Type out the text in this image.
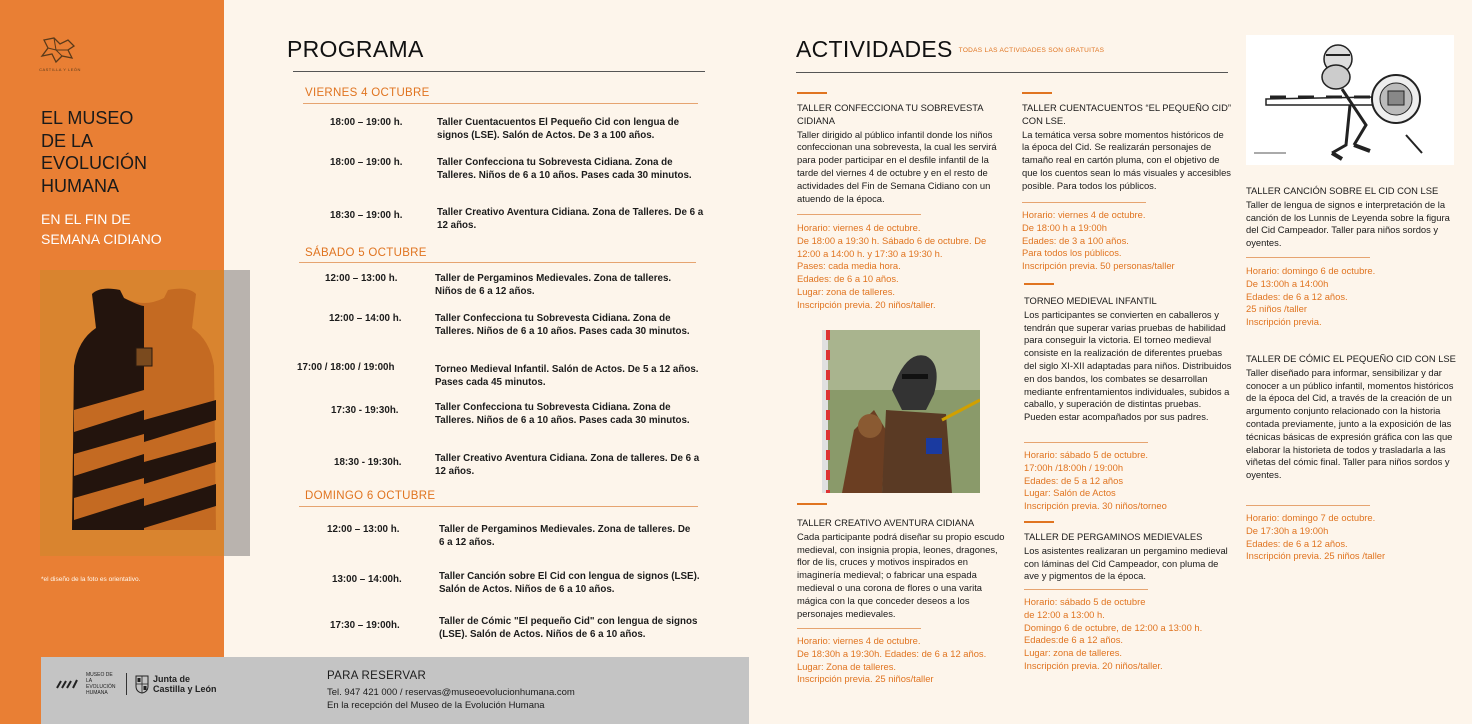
CASTILLA Y LEÓN
EL MUSEO
DE LA
EVOLUCIÓN
HUMANA
EN EL FIN DE
SEMANA CIDIANO
*el diseño de la foto es orientativo.
MUSEO DE LA EVOLUCIÓN HUMANA
Junta de
Castilla y León
PARA RESERVAR
Tel. 947 421 000 / reservas@museoevolucionhumana.com
En la recepción del Museo de la Evolución Humana
PROGRAMA
VIERNES 4 OCTUBRE
18:00 – 19:00 h.	Taller Cuentacuentos El Pequeño Cid con lengua de signos (LSE). Salón de Actos. De 3 a 100 años.
18:00 – 19:00 h.	Taller Confecciona tu Sobrevesta Cidiana. Zona de Talleres. Niños de 6 a 10 años. Pases cada 30 minutos.
18:30 – 19:00 h.	Taller Creativo Aventura Cidiana. Zona de Talleres. De 6 a 12 años.
SÁBADO 5 OCTUBRE
12:00 – 13:00 h.	Taller de Pergaminos Medievales. Zona de talleres. Niños de 6 a 12 años.
12:00 – 14:00 h.	Taller Confecciona tu Sobrevesta Cidiana. Zona de Talleres. Niños de 6 a 10 años. Pases cada 30 minutos.
17:00 / 18:00 / 19:00h	Torneo Medieval Infantil. Salón de Actos. De 5 a 12 años. Pases cada 45 minutos.
17:30 - 19:30h.	Taller Confecciona tu Sobrevesta Cidiana. Zona de Talleres. Niños de 6 a 10 años. Pases cada 30 minutos.
18:30 - 19:30h.	Taller Creativo Aventura Cidiana. Zona de talleres. De 6 a 12 años.
DOMINGO 6 OCTUBRE
12:00 – 13:00 h.	Taller de Pergaminos Medievales. Zona de talleres. De 6 a 12 años.
13:00 – 14:00h.	Taller Canción sobre El Cid con lengua de signos (LSE). Salón de Actos. Niños de 6 a 10 años.
17:30 – 19:00h.	Taller de Cómic "El pequeño Cid" con lengua de signos (LSE). Salón de Actos. Niños de 6 a 10 años.
ACTIVIDADES TODAS LAS ACTIVIDADES SON GRATUITAS
TALLER CONFECCIONA TU SOBREVESTA CIDIANA
Taller dirigido al público infantil donde los niños confeccionan una sobrevesta, la cual les servirá para poder participar en el desfile infantil de la tarde del viernes 4 de octubre y en el resto de actividades del Fin de Semana Cidiano con un atuendo de la época.
Horario: viernes 4 de octubre.
De 18:00 a 19:30 h. Sábado 6 de octubre. De 12:00 a 14:00 h. y 17:30 a 19:30 h.
Pases: cada media hora.
Edades: de 6 a 10 años.
Lugar: zona de talleres.
Inscripción previa. 20 niños/taller.
TALLER CREATIVO AVENTURA CIDIANA
Cada participante podrá diseñar su propio escudo medieval, con insignia propia, leones, dragones, flor de lis, cruces y motivos inspirados en imaginería medieval; o fabricar una espada medieval o una corona de flores o una varita mágica con la que conceder deseos a los personajes medievales.
Horario: viernes 4 de octubre.
De 18:30h a 19:30h. Edades: de 6 a 12 años.
Lugar: Zona de talleres.
Inscripción previa. 25 niños/taller
TALLER CUENTACUENTOS “EL PEQUEÑO CID” CON LSE.
La temática versa sobre momentos históricos de la época del Cid. Se realizarán personajes de tamaño real en cartón pluma, con el objetivo de que los cuentos sean lo más visuales y accesibles posible. Para todos los públicos.
Horario: viernes 4 de octubre.
De 18:00 h a 19:00h
Edades: de 3 a 100 años.
Para todos los públicos.
Inscripción previa. 50 personas/taller
TORNEO MEDIEVAL INFANTIL
Los participantes se convierten en caballeros y tendrán que superar varias pruebas de habilidad para conseguir la victoria. El torneo medieval consiste en la realización de diferentes pruebas del siglo XI-XII adaptadas para niños. Distribuidos en dos bandos, los combates se desarrollan mediante enfrentamientos individuales, subidos a caballo, y superación de distintas pruebas. Pueden estar acompañados por sus padres.
Horario: sábado 5 de octubre.
17:00h /18:00h / 19:00h
Edades: de 5 a 12 años
Lugar: Salón de Actos
Inscripción previa. 30 niños/torneo
TALLER DE PERGAMINOS MEDIEVALES
Los asistentes realizaran un pergamino medieval con láminas del Cid Campeador, con pluma de ave y pigmentos de la época.
Horario: sábado 5 de octubre
de 12:00 a 13:00 h.
Domingo 6 de octubre, de 12:00 a 13:00 h.
Edades:de 6 a 12 años.
Lugar: zona de talleres.
Inscripción previa. 20 niños/taller.
TALLER CANCIÓN SOBRE EL CID CON LSE
Taller de lengua de signos e interpretación de la canción de los Lunnis de Leyenda sobre la figura del Cid Campeador. Taller para niños sordos y oyentes.
Horario: domingo 6 de octubre.
De 13:00h a 14:00h
Edades: de 6 a 12 años.
25 niños /taller
Inscripción previa.
TALLER DE CÓMIC EL PEQUEÑO CID CON LSE
Taller diseñado para informar, sensibilizar y dar conocer a un público infantil, momentos históricos de la época del Cid, a través de la creación de un argumento conjunto relacionado con la historia contada previamente, junto a la exposición de las técnicas básicas de expresión gráfica con las que elaborar la historieta de todos y trasladarla a las viñetas del cómic final. Taller para niños sordos y oyentes.
Horario: domingo 7 de octubre.
De 17:30h a 19:00h
Edades: de 6 a 12 años.
Inscripción previa. 25 niños /taller
